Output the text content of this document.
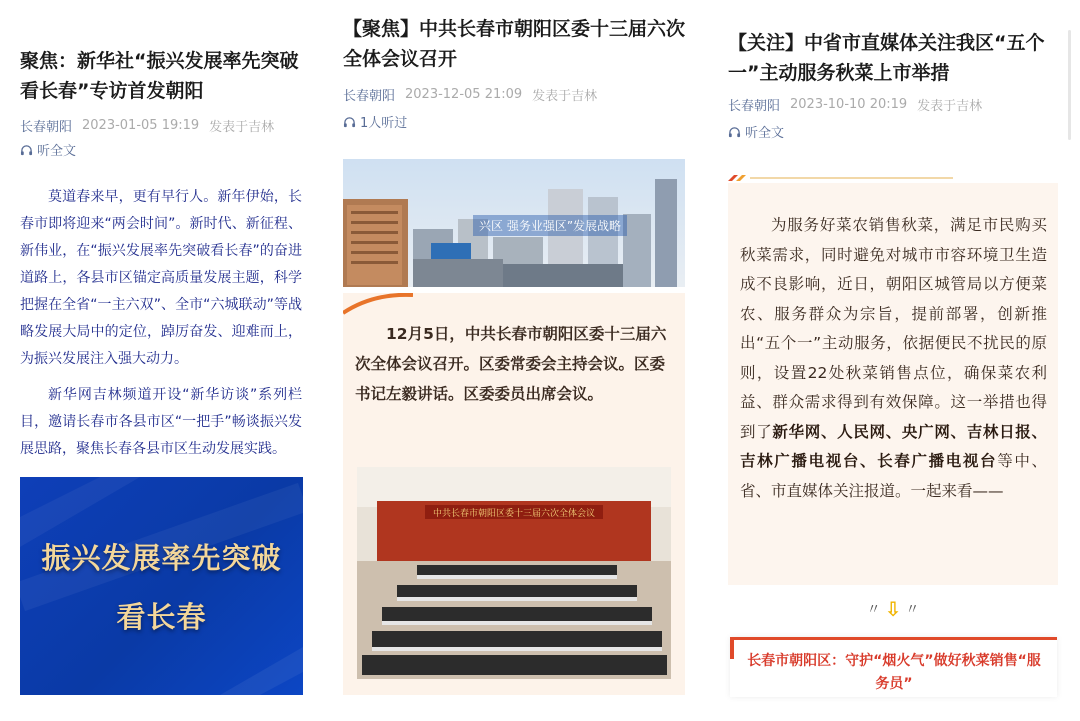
聚焦：新华社“振兴发展率先突破看长春”专访首发朝阳
长春朝阳 2023-01-05 19:19 发表于吉林
听全文

莫道春来早，更有早行人。新年伊始，长春市即将迎来“两会时间”。新时代、新征程、新伟业，在“振兴发展率先突破看长春”的奋进道路上，各县市区锚定高质量发展主题，科学把握在全省“一主六双”、全市“六城联动”等战略发展大局中的定位，踔厉奋发、迎难而上，为振兴发展注入强大动力。

新华网吉林频道开设“新华访谈”系列栏目，邀请长春市各县市区“一把手”畅谈振兴发展思路，聚焦长春各县市区生动发展实践。

振兴发展率先突破
看长春
【聚焦】中共长春市朝阳区委十三届六次全体会议召开
长春朝阳 2023-12-05 21:09 发表于吉林
1人听过
兴区 强务业强区”发展战略
12月5日，中共长春市朝阳区委十三届六次全体会议召开。区委常委会主持会议。区委书记左毅讲话。区委委员出席会议。
中共长春市朝阳区委十三届六次全体会议
【关注】中省市直媒体关注我区“五个一”主动服务秋菜上市举措
长春朝阳 2023-10-10 20:19 发表于吉林
听全文
为服务好菜农销售秋菜，满足市民购买秋菜需求，同时避免对城市市容环境卫生造成不良影响，近日，朝阳区城管局以方便菜农、服务群众为宗旨，提前部署，创新推出“五个一”主动服务，依据便民不扰民的原则，设置22处秋菜销售点位，确保菜农利益、群众需求得到有效保障。这一举措也得到了新华网、人民网、央广网、吉林日报、吉林广播电视台、长春广播电视台等中、省、市直媒体关注报道。一起来看——
〃 ⇩ 〃
长春市朝阳区：守护“烟火气”做好秋菜销售“服务员”
